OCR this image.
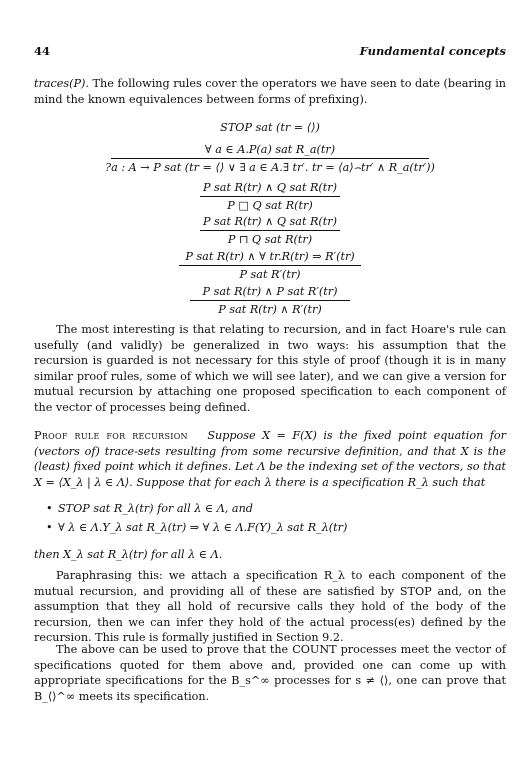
44	Fundamental concepts

traces(P). The following rules cover the operators we have seen to date (bearing in mind the known equivalences between forms of prefixing).

STOP sat (tr = ⟨⟩)
∀ a ∈ A.P(a) sat R_a(tr)
?a : A → P sat (tr = ⟨⟩ ∨ ∃ a ∈ A.∃ tr′. tr = ⟨a⟩⌢tr′ ∧ R_a(tr′))
P sat R(tr) ∧ Q sat R(tr)
P □ Q sat R(tr)
P sat R(tr) ∧ Q sat R(tr)
P ⊓ Q sat R(tr)
P sat R(tr) ∧ ∀ tr.R(tr) ⇒ R′(tr)
P sat R′(tr)
P sat R(tr) ∧ P sat R′(tr)
P sat R(tr) ∧ R′(tr)

The most interesting is that relating to recursion, and in fact Hoare's rule can usefully (and validly) be generalized in two ways: his assumption that the recursion is guarded is not necessary for this style of proof (though it is in many similar proof rules, some of which we will see later), and we can give a version for mutual recursion by attaching one proposed specification to each component of the vector of processes being defined.

Proof rule for recursion Suppose X = F(X) is the fixed point equation for (vectors of) trace-sets resulting from some recursive definition, and that X is the (least) fixed point which it defines. Let Λ be the indexing set of the vectors, so that X = ⟨X_λ | λ ∈ Λ⟩. Suppose that for each λ there is a specification R_λ such that

• STOP sat R_λ(tr) for all λ ∈ Λ, and
• ∀ λ ∈ Λ.Y_λ sat R_λ(tr) ⇒ ∀ λ ∈ Λ.F(Y)_λ sat R_λ(tr)

then X_λ sat R_λ(tr) for all λ ∈ Λ.

Paraphrasing this: we attach a specification R_λ to each component of the mutual recursion, and providing all of these are satisfied by STOP and, on the assumption that they all hold of recursive calls they hold of the body of the recursion, then we can infer they hold of the actual process(es) defined by the recursion. This rule is formally justified in Section 9.2.

The above can be used to prove that the COUNT processes meet the vector of specifications quoted for them above and, provided one can come up with appropriate specifications for the B_s^∞ processes for s ≠ ⟨⟩, one can prove that B_⟨⟩^∞ meets its specification.
